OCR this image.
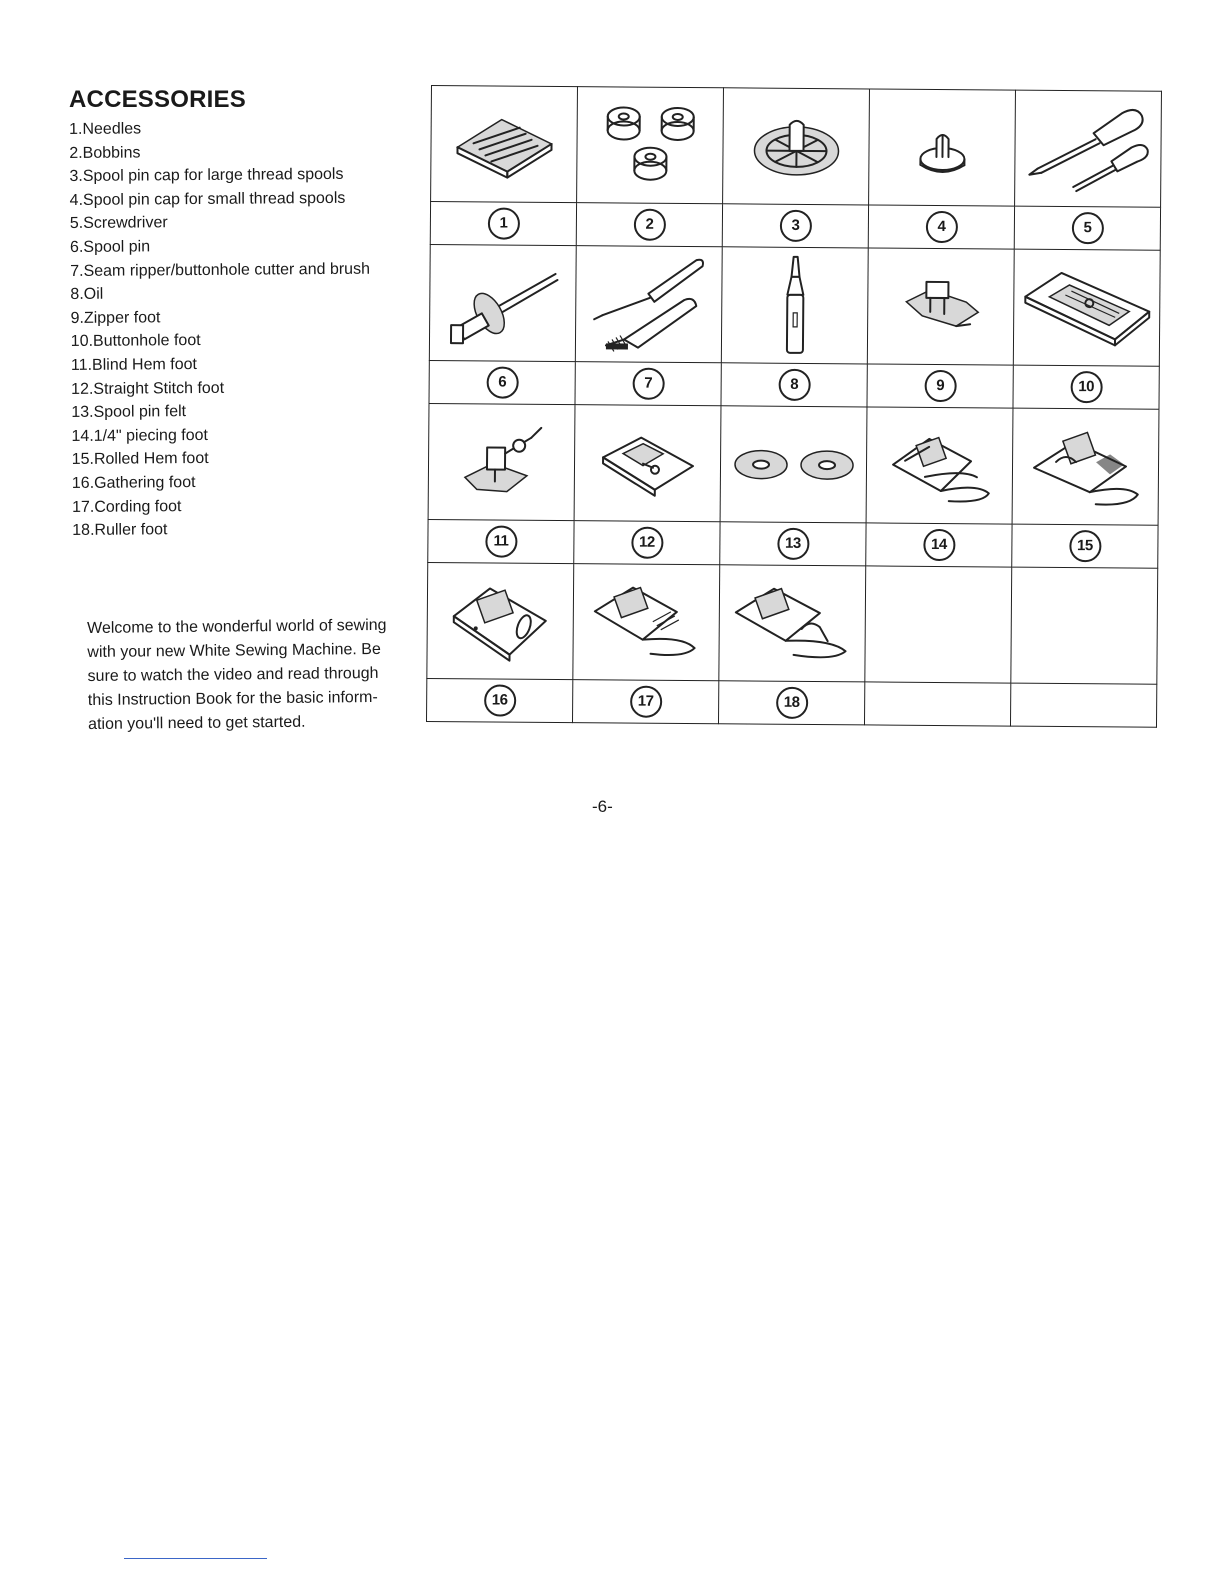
ACCESSORIES
1.Needles
2.Bobbins
3.Spool pin cap for large thread spools
4.Spool pin cap for small thread spools
5.Screwdriver
6.Spool pin
7.Seam ripper/buttonhole cutter and brush
8.Oil
9.Zipper foot
10.Buttonhole foot
11.Blind Hem foot
12.Straight Stitch foot
13.Spool pin felt
14.1/4" piecing foot
15.Rolled Hem foot
16.Gathering foot
17.Cording foot
18.Ruller foot

Welcome to the wonderful world of sewing
with your new White Sewing Machine. Be
sure to watch the video and read through
this Instruction Book for the basic inform-
ation you'll need to get started.

1	2	3	4	5

6	7	8	9	10

11	12	13	14	15

16	17	18		

-6-
